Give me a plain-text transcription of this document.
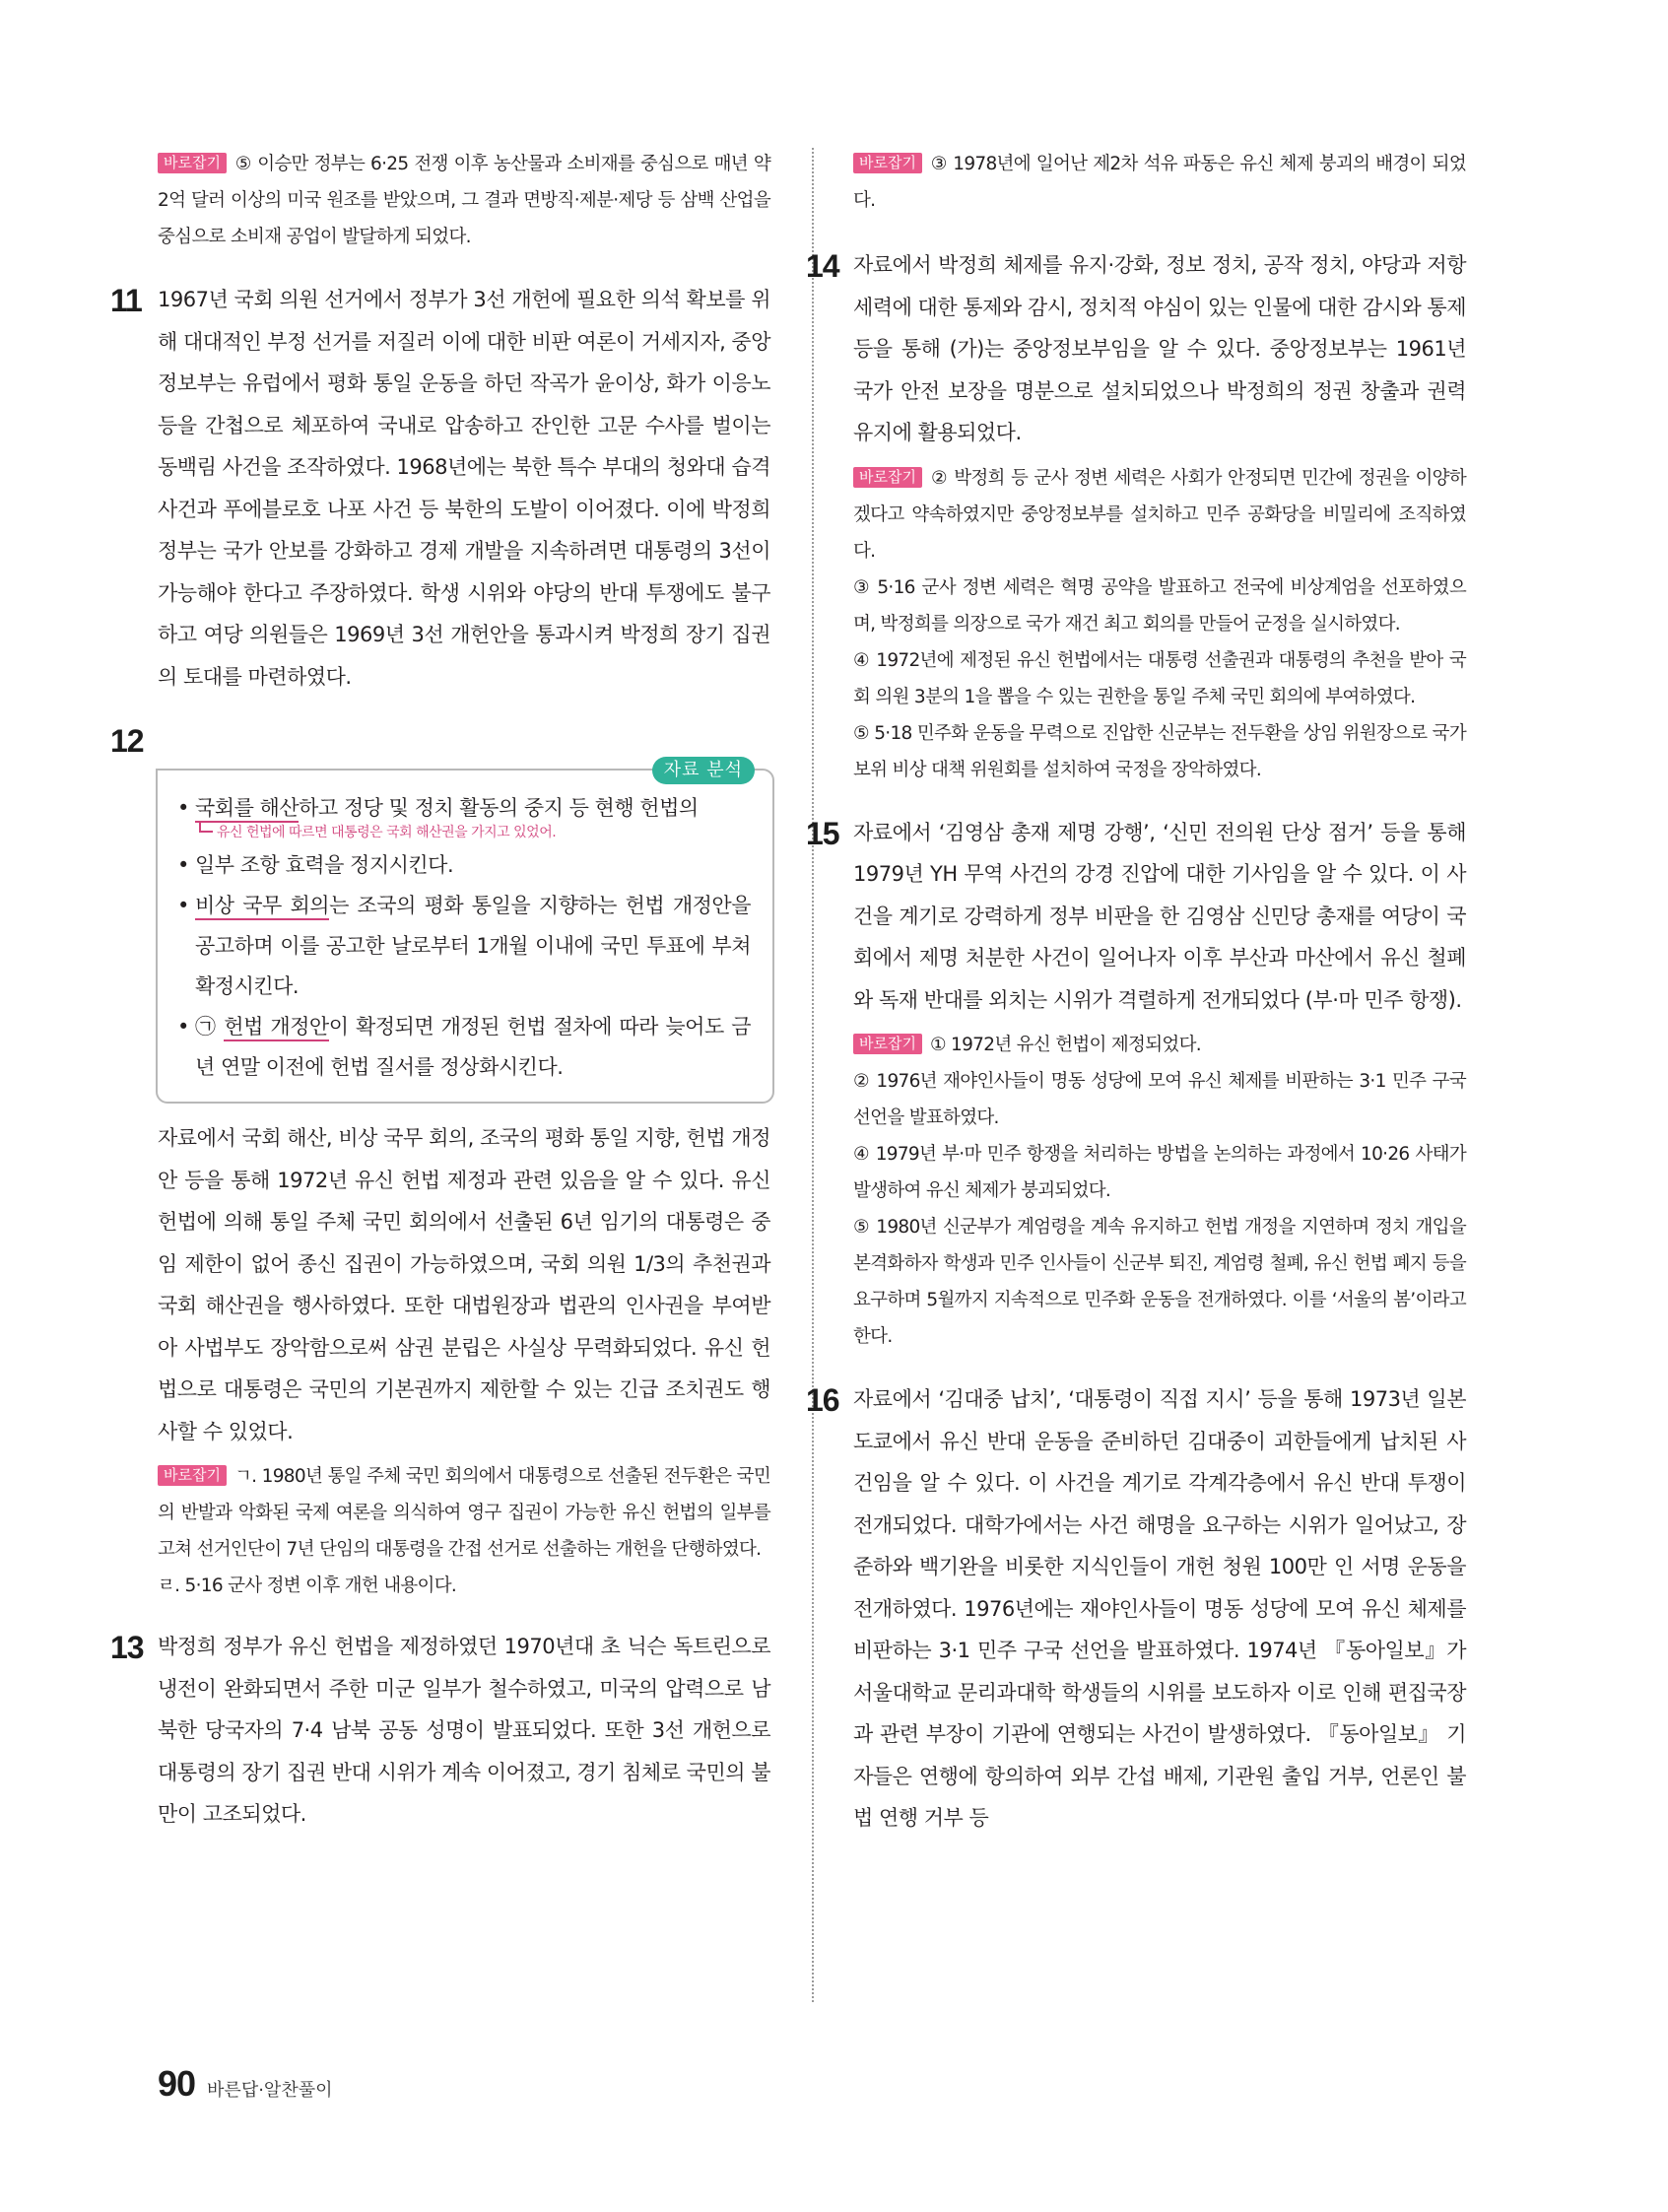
바로잡기 ⑤ 이승만 정부는 6·25 전쟁 이후 농산물과 소비재를 중심으로 매년 약 2억 달러 이상의 미국 원조를 받았으며, 그 결과 면방직·제분·제당 등 삼백 산업을 중심으로 소비재 공업이 발달하게 되었다.

11 1967년 국회 의원 선거에서 정부가 3선 개헌에 필요한 의석 확보를 위해 대대적인 부정 선거를 저질러 이에 대한 비판 여론이 거세지자, 중앙정보부는 유럽에서 평화 통일 운동을 하던 작곡가 윤이상, 화가 이응노 등을 간첩으로 체포하여 국내로 압송하고 잔인한 고문 수사를 벌이는 동백림 사건을 조작하였다. 1968년에는 북한 특수 부대의 청와대 습격 사건과 푸에블로호 나포 사건 등 북한의 도발이 이어졌다. 이에 박정희 정부는 국가 안보를 강화하고 경제 개발을 지속하려면 대통령의 3선이 가능해야 한다고 주장하였다. 학생 시위와 야당의 반대 투쟁에도 불구하고 여당 의원들은 1969년 3선 개헌안을 통과시켜 박정희 장기 집권의 토대를 마련하였다.

12
자료 분석

• 국회를 해산하고 정당 및 정치 활동의 중지 등 현행 헌법의

유신 헌법에 따르면 대통령은 국회 해산권을 가지고 있었어.

• 일부 조항 효력을 정지시킨다.

• 비상 국무 회의는 조국의 평화 통일을 지향하는 헌법 개정안을 공고하며 이를 공고한 날로부터 1개월 이내에 국민 투표에 부쳐 확정시킨다.

• ㉠ 헌법 개정안이 확정되면 개정된 헌법 절차에 따라 늦어도 금년 연말 이전에 헌법 질서를 정상화시킨다.

자료에서 국회 해산, 비상 국무 회의, 조국의 평화 통일 지향, 헌법 개정안 등을 통해 1972년 유신 헌법 제정과 관련 있음을 알 수 있다. 유신 헌법에 의해 통일 주체 국민 회의에서 선출된 6년 임기의 대통령은 중임 제한이 없어 종신 집권이 가능하였으며, 국회 의원 1/3의 추천권과 국회 해산권을 행사하였다. 또한 대법원장과 법관의 인사권을 부여받아 사법부도 장악함으로써 삼권 분립은 사실상 무력화되었다. 유신 헌법으로 대통령은 국민의 기본권까지 제한할 수 있는 긴급 조치권도 행사할 수 있었다.

바로잡기 ㄱ. 1980년 통일 주체 국민 회의에서 대통령으로 선출된 전두환은 국민의 반발과 악화된 국제 여론을 의식하여 영구 집권이 가능한 유신 헌법의 일부를 고쳐 선거인단이 7년 단임의 대통령을 간접 선거로 선출하는 개헌을 단행하였다.
ㄹ. 5·16 군사 정변 이후 개헌 내용이다.

13 박정희 정부가 유신 헌법을 제정하였던 1970년대 초 닉슨 독트린으로 냉전이 완화되면서 주한 미군 일부가 철수하였고, 미국의 압력으로 남북한 당국자의 7·4 남북 공동 성명이 발표되었다. 또한 3선 개헌으로 대통령의 장기 집권 반대 시위가 계속 이어졌고, 경기 침체로 국민의 불만이 고조되었다.

바로잡기 ③ 1978년에 일어난 제2차 석유 파동은 유신 체제 붕괴의 배경이 되었다.

14 자료에서 박정희 체제를 유지·강화, 정보 정치, 공작 정치, 야당과 저항 세력에 대한 통제와 감시, 정치적 야심이 있는 인물에 대한 감시와 통제 등을 통해 (가)는 중앙정보부임을 알 수 있다. 중앙정보부는 1961년 국가 안전 보장을 명분으로 설치되었으나 박정희의 정권 창출과 권력 유지에 활용되었다.

바로잡기 ② 박정희 등 군사 정변 세력은 사회가 안정되면 민간에 정권을 이양하겠다고 약속하였지만 중앙정보부를 설치하고 민주 공화당을 비밀리에 조직하였다.
③ 5·16 군사 정변 세력은 혁명 공약을 발표하고 전국에 비상계엄을 선포하였으며, 박정희를 의장으로 국가 재건 최고 회의를 만들어 군정을 실시하였다.
④ 1972년에 제정된 유신 헌법에서는 대통령 선출권과 대통령의 추천을 받아 국회 의원 3분의 1을 뽑을 수 있는 권한을 통일 주체 국민 회의에 부여하였다.
⑤ 5·18 민주화 운동을 무력으로 진압한 신군부는 전두환을 상임 위원장으로 국가 보위 비상 대책 위원회를 설치하여 국정을 장악하였다.

15 자료에서 ‘김영삼 총재 제명 강행’, ‘신민 전의원 단상 점거’ 등을 통해 1979년 YH 무역 사건의 강경 진압에 대한 기사임을 알 수 있다. 이 사건을 계기로 강력하게 정부 비판을 한 김영삼 신민당 총재를 여당이 국회에서 제명 처분한 사건이 일어나자 이후 부산과 마산에서 유신 철폐와 독재 반대를 외치는 시위가 격렬하게 전개되었다 (부·마 민주 항쟁).

바로잡기 ① 1972년 유신 헌법이 제정되었다.
② 1976년 재야인사들이 명동 성당에 모여 유신 체제를 비판하는 3·1 민주 구국 선언을 발표하였다.
④ 1979년 부·마 민주 항쟁을 처리하는 방법을 논의하는 과정에서 10·26 사태가 발생하여 유신 체제가 붕괴되었다.
⑤ 1980년 신군부가 계엄령을 계속 유지하고 헌법 개정을 지연하며 정치 개입을 본격화하자 학생과 민주 인사들이 신군부 퇴진, 계엄령 철폐, 유신 헌법 폐지 등을 요구하며 5월까지 지속적으로 민주화 운동을 전개하였다. 이를 ‘서울의 봄’이라고 한다.

16 자료에서 ‘김대중 납치’, ‘대통령이 직접 지시’ 등을 통해 1973년 일본 도쿄에서 유신 반대 운동을 준비하던 김대중이 괴한들에게 납치된 사건임을 알 수 있다. 이 사건을 계기로 각계각층에서 유신 반대 투쟁이 전개되었다. 대학가에서는 사건 해명을 요구하는 시위가 일어났고, 장준하와 백기완을 비롯한 지식인들이 개헌 청원 100만 인 서명 운동을 전개하였다. 1976년에는 재야인사들이 명동 성당에 모여 유신 체제를 비판하는 3·1 민주 구국 선언을 발표하였다. 1974년 『동아일보』가 서울대학교 문리과대학 학생들의 시위를 보도하자 이로 인해 편집국장과 관련 부장이 기관에 연행되는 사건이 발생하였다. 『동아일보』 기자들은 연행에 항의하여 외부 간섭 배제, 기관원 출입 거부, 언론인 불법 연행 거부 등

90 바른답·알찬풀이
